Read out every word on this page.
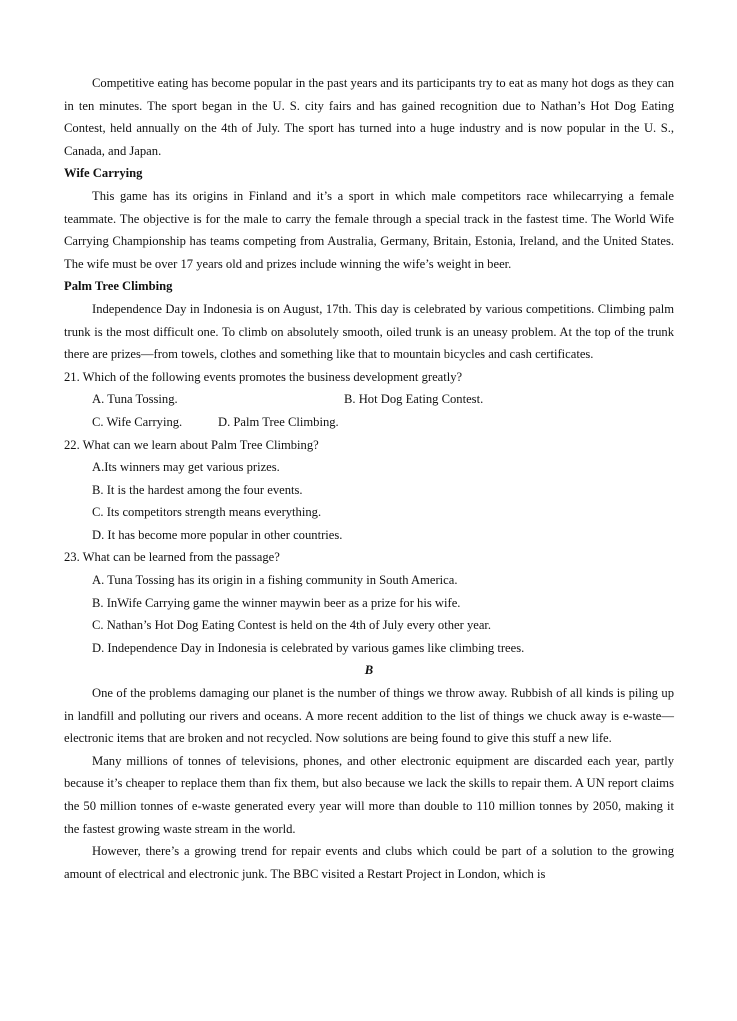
Competitive eating has become popular in the past years and its participants try to eat as many hot dogs as they can in ten minutes. The sport began in the U. S. city fairs and has gained recognition due to Nathan’s Hot Dog Eating Contest, held annually on the 4th of July. The sport has turned into a huge industry and is now popular in the U. S., Canada, and Japan.

Wife Carrying

This game has its origins in Finland and it’s a sport in which male competitors race whilecarrying a female teammate. The objective is for the male to carry the female through a special track in the fastest time. The World Wife Carrying Championship has teams competing from Australia, Germany, Britain, Estonia, Ireland, and the United States. The wife must be over 17 years old and prizes include winning the wife’s weight in beer.

Palm Tree Climbing

Independence Day in Indonesia is on August, 17th. This day is celebrated by various competitions. Climbing palm trunk is the most difficult one. To climb on absolutely smooth, oiled trunk is an uneasy problem. At the top of the trunk there are prizes—from towels, clothes and something like that to mountain bicycles and cash certificates.

21. Which of the following events promotes the business development greatly?
A. Tuna Tossing.	B. Hot Dog Eating Contest.
C. Wife Carrying.	D. Palm Tree Climbing.
22. What can we learn about Palm Tree Climbing?
A.Its winners may get various prizes.
B. It is the hardest among the four events.
C. Its competitors strength means everything.
D. It has become more popular in other countries.
23. What can be learned from the passage?
A. Tuna Tossing has its origin in a fishing community in South America.
B. InWife Carrying game the winner maywin beer as a prize for his wife.
C. Nathan’s Hot Dog Eating Contest is held on the 4th of July every other year.
D. Independence Day in Indonesia is celebrated by various games like climbing trees.
B

One of the problems damaging our planet is the number of things we throw away. Rubbish of all kinds is piling up in landfill and polluting our rivers and oceans. A more recent addition to the list of things we chuck away is e-waste—electronic items that are broken and not recycled. Now solutions are being found to give this stuff a new life.

Many millions of tonnes of televisions, phones, and other electronic equipment are discarded each year, partly because it’s cheaper to replace them than fix them, but also because we lack the skills to repair them. A UN report claims the 50 million tonnes of e-waste generated every year will more than double to 110 million tonnes by 2050, making it the fastest growing waste stream in the world.

However, there’s a growing trend for repair events and clubs which could be part of a solution to the growing amount of electrical and electronic junk. The BBC visited a Restart Project in London, which is
